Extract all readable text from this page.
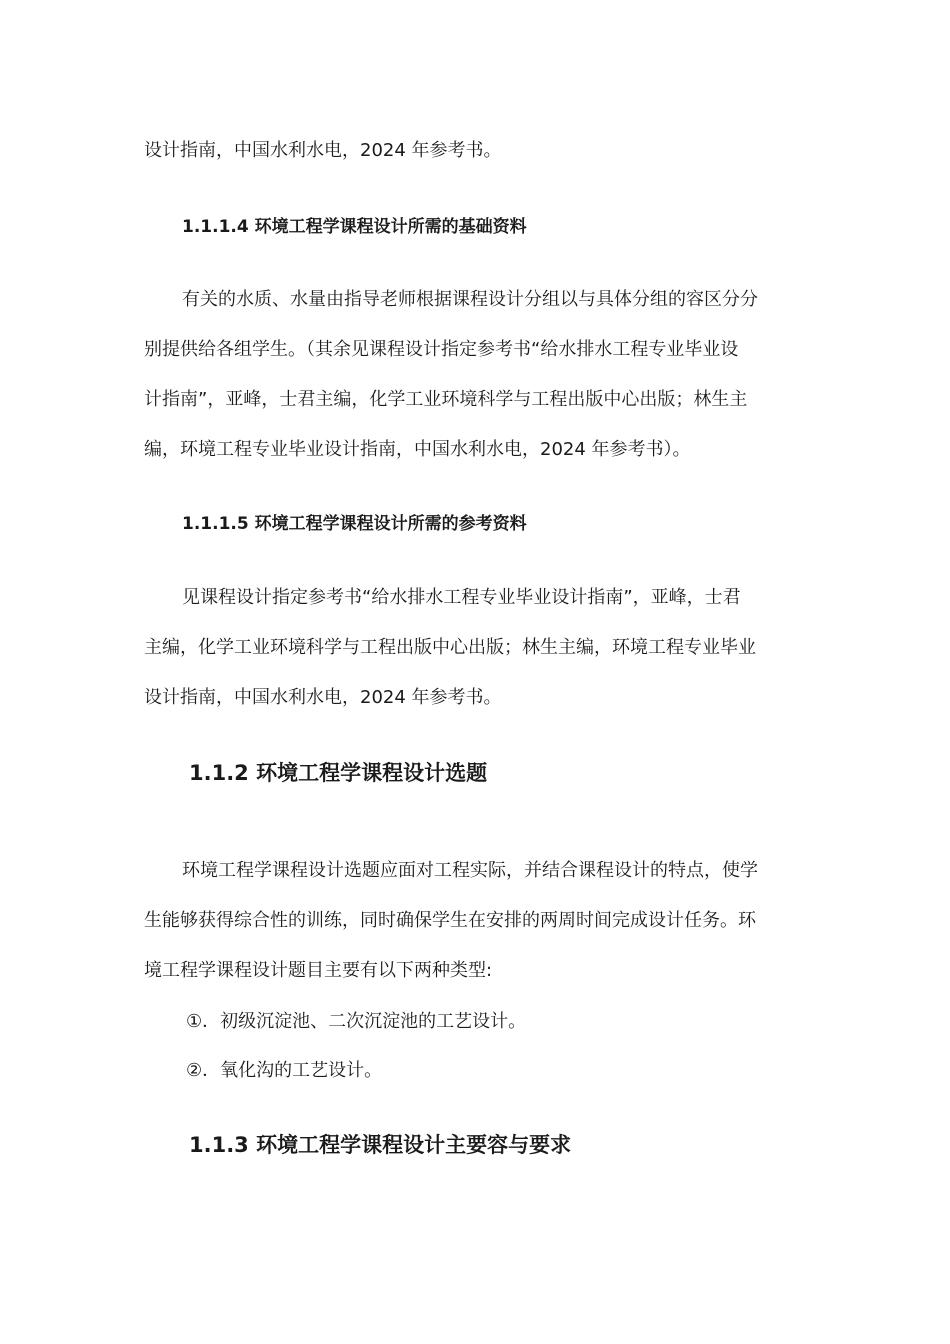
设计指南，中国水利水电，2024 年参考书。
1.1.1.4 环境工程学课程设计所需的基础资料
有关的水质、水量由指导老师根据课程设计分组以与具体分组的容区分分
别提供给各组学生。（其余见课程设计指定参考书“给水排水工程专业毕业设
计指南”，亚峰，士君主编，化学工业环境科学与工程出版中心出版；林生主
编，环境工程专业毕业设计指南，中国水利水电，2024 年参考书）。
1.1.1.5 环境工程学课程设计所需的参考资料
见课程设计指定参考书“给水排水工程专业毕业设计指南”，亚峰，士君
主编，化学工业环境科学与工程出版中心出版；林生主编，环境工程专业毕业
设计指南，中国水利水电，2024 年参考书。
1.1.2 环境工程学课程设计选题
环境工程学课程设计选题应面对工程实际，并结合课程设计的特点，使学
生能够获得综合性的训练，同时确保学生在安排的两周时间完成设计任务。环
境工程学课程设计题目主要有以下两种类型:
①．初级沉淀池、二次沉淀池的工艺设计。
②．氧化沟的工艺设计。
1.1.3 环境工程学课程设计主要容与要求
